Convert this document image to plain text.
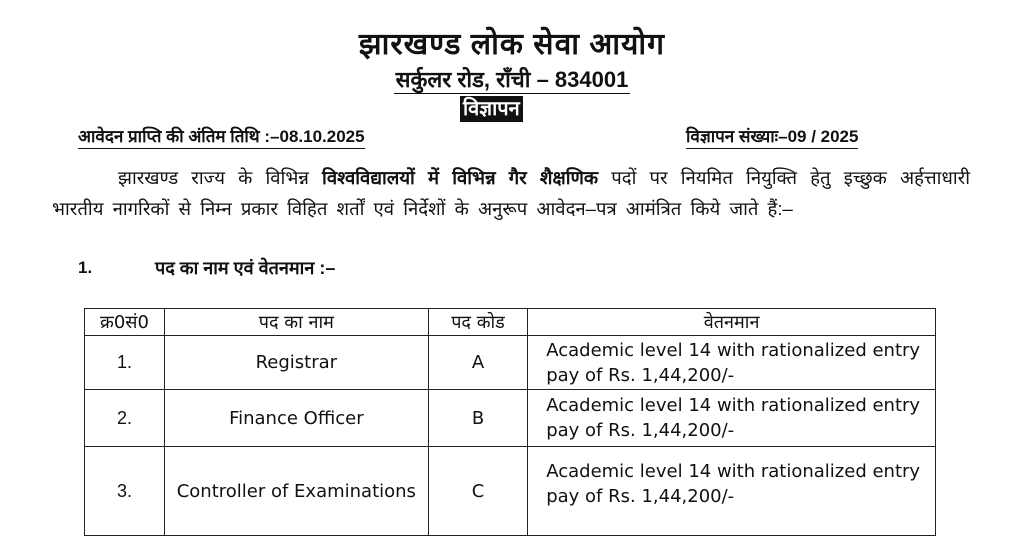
झारखण्ड लोक सेवा आयोग
सर्कुलर रोड, राँची – 834001
विज्ञापन
आवेदन प्राप्ति की अंतिम तिथि :–08.10.2025	विज्ञापन संख्याः–09 / 2025
झारखण्ड राज्य के विभिन्न विश्वविद्यालयों में विभिन्न गैर शैक्षणिक पदों पर नियमित नियुक्ति हेतु इच्छुक अर्हत्ताधारी भारतीय नागरिकों से निम्न प्रकार विहित शर्तों एवं निर्देशों के अनुरूप आवेदन–पत्र आमंत्रित किये जाते हैं:–
1.	पद का नाम एवं वेतनमान :–
क्र0सं0	पद का नाम	पद कोड	वेतनमान
1.	Registrar	A	Academic level 14 with rationalized entry pay of Rs. 1,44,200/-
2.	Finance Officer	B	Academic level 14 with rationalized entry pay of Rs. 1,44,200/-
3.	Controller of Examinations	C	Academic level 14 with rationalized entry pay of Rs. 1,44,200/-
